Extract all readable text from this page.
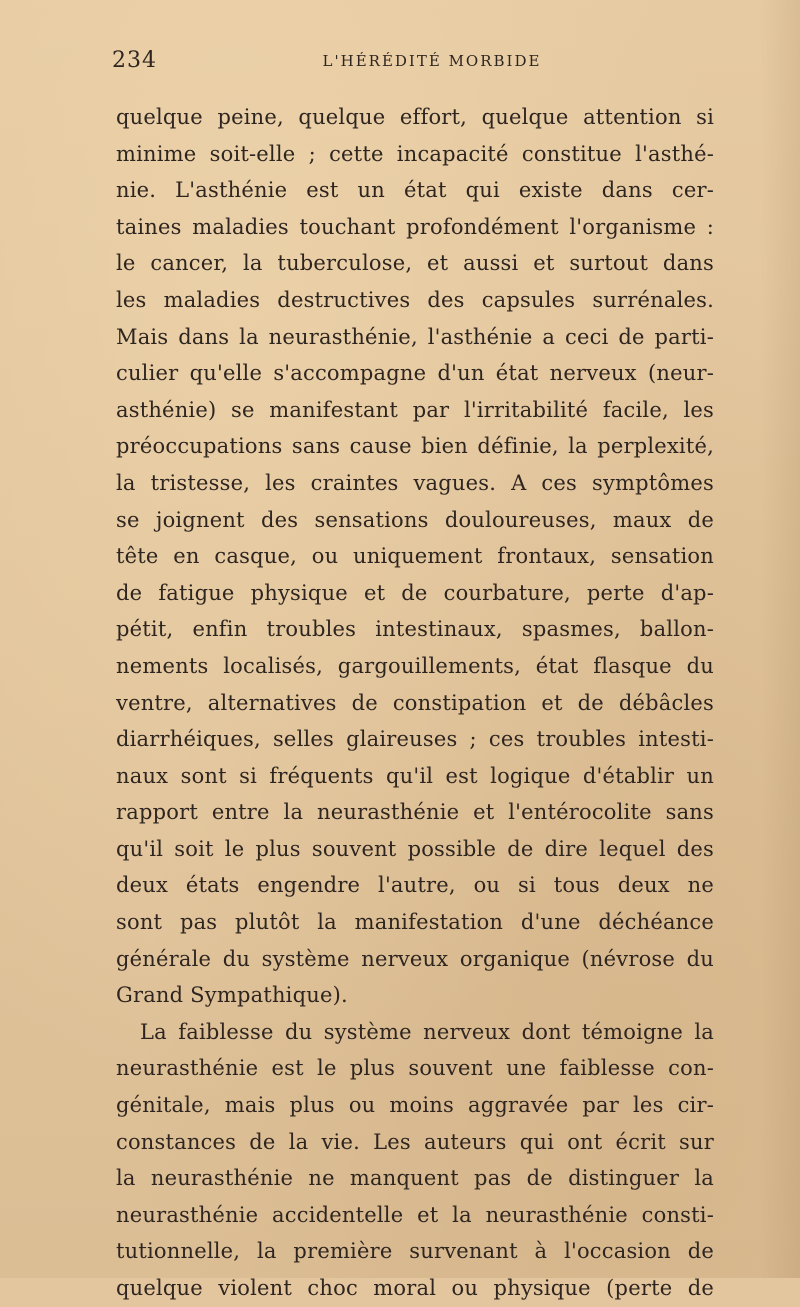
234	L'HÉRÉDITÉ MORBIDE
quelque peine, quelque effort, quelque attention si
minime soit-elle ; cette incapacité constitue l'asthé-
nie. L'asthénie est un état qui existe dans cer-
taines maladies touchant profondément l'organisme :
le cancer, la tuberculose, et aussi et surtout dans
les maladies destructives des capsules surrénales.
Mais dans la neurasthénie, l'asthénie a ceci de parti-
culier qu'elle s'accompagne d'un état nerveux (neur-
asthénie) se manifestant par l'irritabilité facile, les
préoccupations sans cause bien définie, la perplexité,
la tristesse, les craintes vagues. A ces symptômes
se joignent des sensations douloureuses, maux de
tête en casque, ou uniquement frontaux, sensation
de fatigue physique et de courbature, perte d'ap-
pétit, enfin troubles intestinaux, spasmes, ballon-
nements localisés, gargouillements, état flasque du
ventre, alternatives de constipation et de débâcles
diarrhéiques, selles glaireuses ; ces troubles intesti-
naux sont si fréquents qu'il est logique d'établir un
rapport entre la neurasthénie et l'entérocolite sans
qu'il soit le plus souvent possible de dire lequel des
deux états engendre l'autre, ou si tous deux ne
sont pas plutôt la manifestation d'une déchéance
générale du système nerveux organique (névrose du
Grand Sympathique).
La faiblesse du système nerveux dont témoigne la
neurasthénie est le plus souvent une faiblesse con-
génitale, mais plus ou moins aggravée par les cir-
constances de la vie. Les auteurs qui ont écrit sur
la neurasthénie ne manquent pas de distinguer la
neurasthénie accidentelle et la neurasthénie consti-
tutionnelle, la première survenant à l'occasion de
quelque violent choc moral ou physique (perte de
